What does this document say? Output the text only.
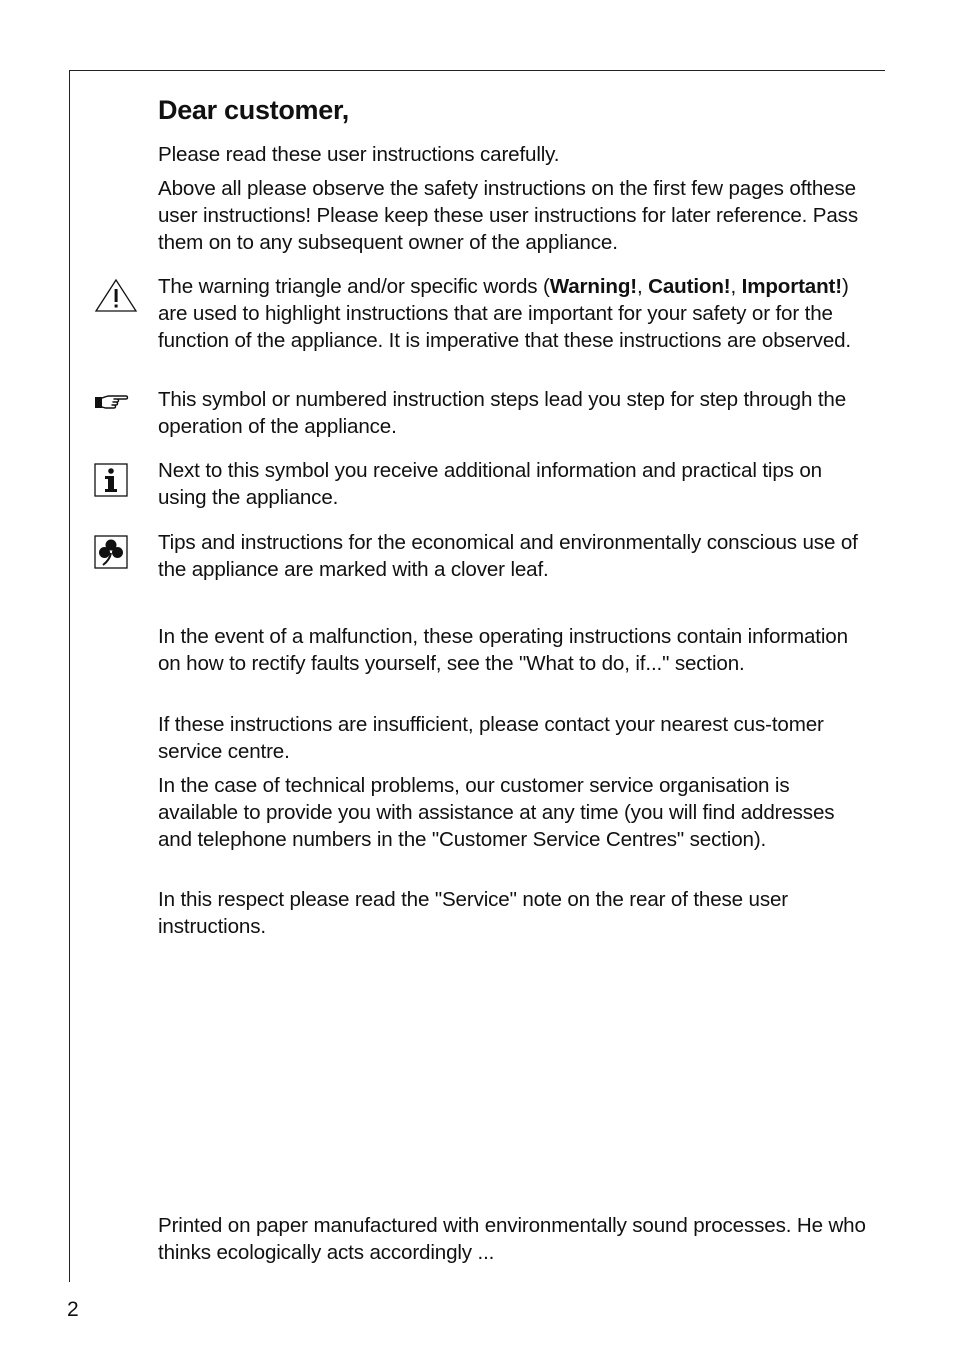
Dear customer,

Please read these user instructions carefully.

Above all please observe the safety instructions on the first few pages ofthese user instructions! Please keep these user instructions for later reference. Pass them on to any subsequent owner of the appliance.

The warning triangle and/or specific words (Warning!, Caution!, Important!) are used to highlight instructions that are important for your safety or for the function of the appliance. It is imperative that these instructions are observed.

This symbol or numbered instruction steps lead you step for step through the operation of the appliance.

Next to this symbol you receive additional information and practical tips on using the appliance.

Tips and instructions for the economical and environmentally conscious use of the appliance are marked with a clover leaf.

In the event of a malfunction, these operating instructions contain information on how to rectify faults yourself, see the "What to do, if..." section.

If these instructions are insufficient, please contact your nearest cus-tomer service centre.

In the case of technical problems, our customer service organisation is available to provide you with assistance at any time (you will find addresses and telephone numbers in the "Customer Service Centres" section).

In this respect please read the "Service" note on the rear of these user instructions.

Printed on paper manufactured with environmentally sound processes. He who thinks ecologically acts accordingly ...

2
